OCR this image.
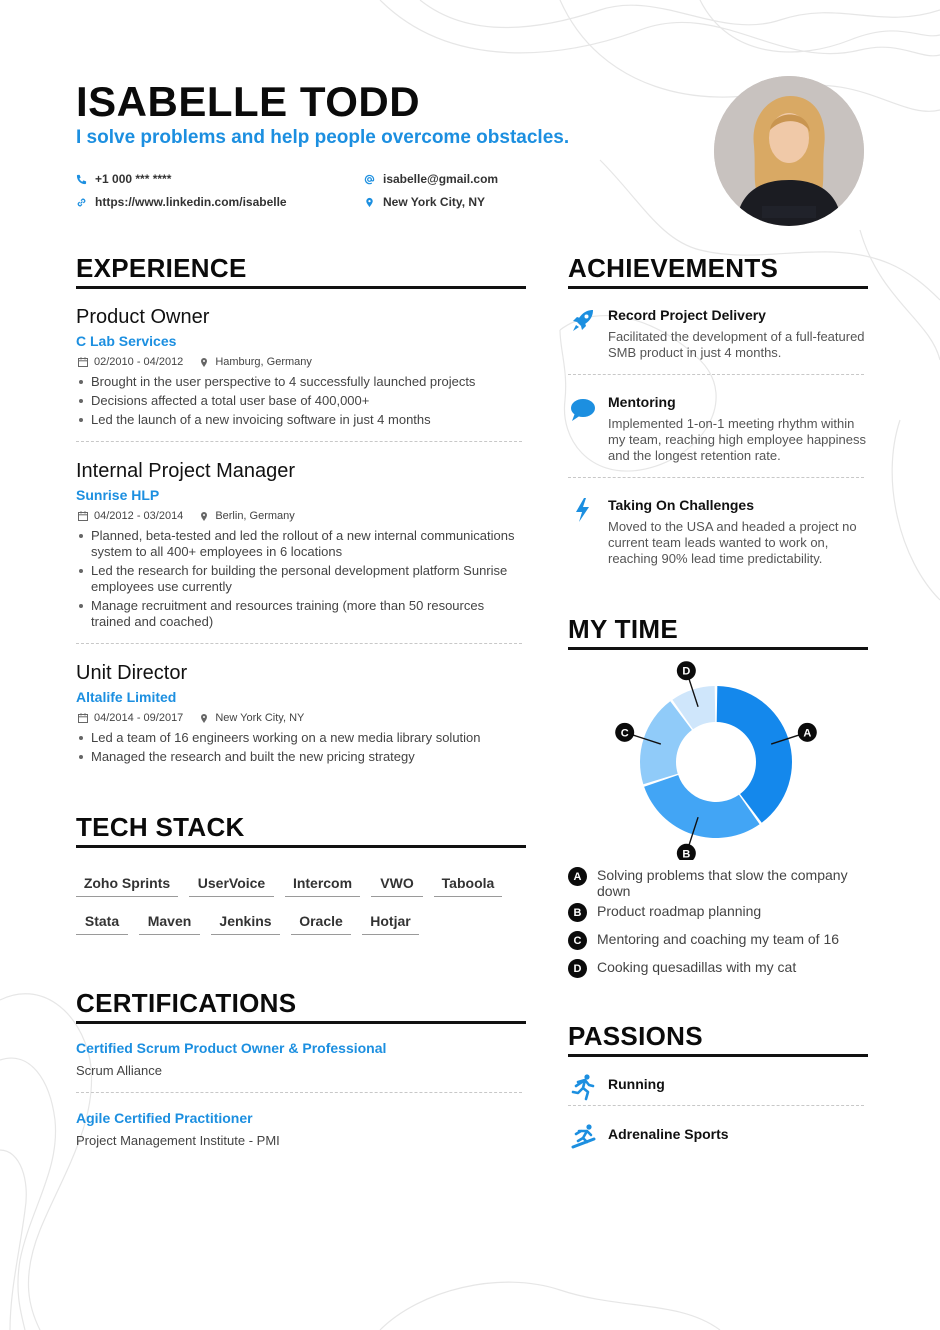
ISABELLE TODD
I solve problems and help people overcome obstacles.
+1 000 *** ****
https://www.linkedin.com/isabelle
isabelle@gmail.com
New York City, NY
EXPERIENCE
Product Owner
C Lab Services
02/2010 - 04/2012	Hamburg, Germany
Brought in the user perspective to 4 successfully launched projects
Decisions affected a total user base of 400,000+
Led the launch of a new invoicing software in just 4 months
Internal Project Manager
Sunrise HLP
04/2012 - 03/2014	Berlin, Germany
Planned, beta-tested and led the rollout of a new internal communications system to all 400+ employees in 6 locations
Led the research for building the personal development platform Sunrise employees use currently
Manage recruitment and resources training (more than 50 resources trained and coached)
Unit Director
Altalife Limited
04/2014 - 09/2017	New York City, NY
Led a team of 16 engineers working on a new media library solution
Managed the research and built the new pricing strategy
TECH STACK
Zoho Sprints	UserVoice	Intercom	VWO	Taboola
Stata	Maven	Jenkins	Oracle	Hotjar
CERTIFICATIONS
Certified Scrum Product Owner & Professional
Scrum Alliance
Agile Certified Practitioner
Project Management Institute - PMI
ACHIEVEMENTS
Record Project Delivery
Facilitated the development of a full-featured SMB product in just 4 months.
Mentoring
Implemented 1-on-1 meeting rhythm within my team, reaching high employee happiness and the longest retention rate.
Taking On Challenges
Moved to the USA and headed a project no current team leads wanted to work on, reaching 90% lead time predictability.
MY TIME
A
B
C
D
A	Solving problems that slow the company down
B	Product roadmap planning
C	Mentoring and coaching my team of 16
D	Cooking quesadillas with my cat
PASSIONS
Running
Adrenaline Sports
